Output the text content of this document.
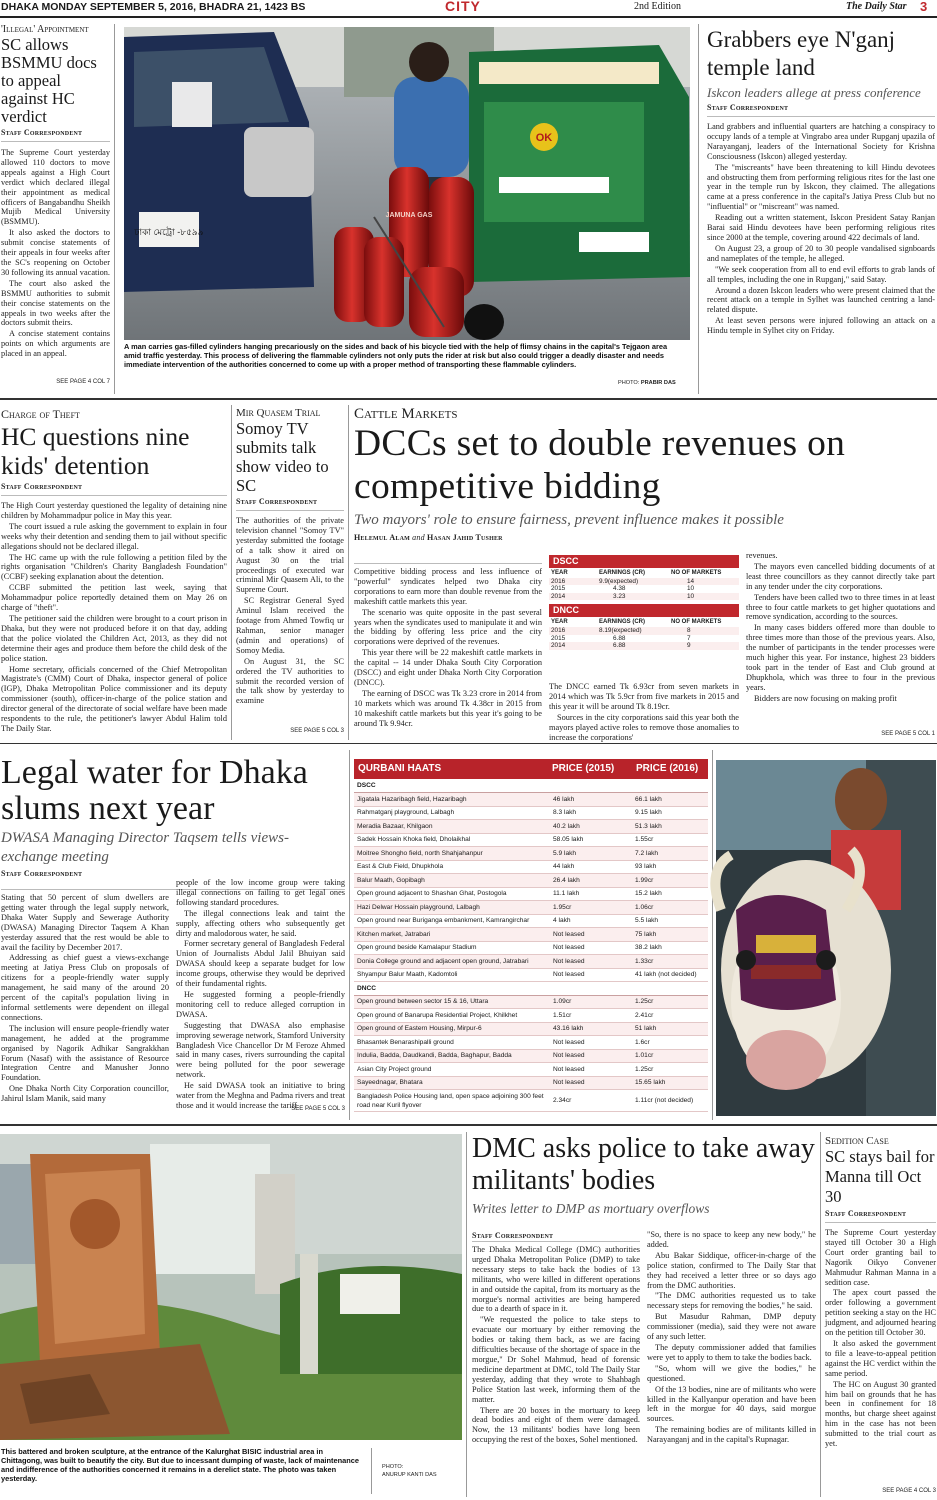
DHAKA MONDAY SEPTEMBER 5, 2016, BHADRA 21, 1423 BS	CITY	2nd Edition	The Daily Star 3
'Illegal' Appointment
SC allows BSMMU docs to appeal against HC verdict
Staff Correspondent

The Supreme Court yesterday allowed 110 doctors to move appeals against a High Court verdict which declared illegal their appointment as medical officers of Bangabandhu Sheikh Mujib Medical University (BSMMU).

It also asked the doctors to submit concise statements of their appeals in four weeks after the SC's reopening on October 30 following its annual vacation.

The court also asked the BSMMU authorities to submit their concise statements on the appeals in two weeks after the doctors submit theirs.

A concise statement contains points on which arguments are placed in an appeal.

SEE PAGE 4 COL 7
ঢাকা মেট্রো -৮৫৯৯
OK
JAMUNA GAS
A man carries gas-filled cylinders hanging precariously on the sides and back of his bicycle tied with the help of flimsy chains in the capital's Tejgaon area amid traffic yesterday. This process of delivering the flammable cylinders not only puts the rider at risk but also could trigger a deadly disaster and needs immediate intervention of the authorities concerned to come up with a proper method of transporting these flammable cylinders.
PHOTO: PRABIR DAS
Grabbers eye N'ganj temple land
Iskcon leaders allege at press conference
Staff Correspondent

Land grabbers and influential quarters are hatching a conspiracy to occupy lands of a temple at Vingrabo area under Rupganj upazila of Narayanganj, leaders of the International Society for Krishna Consciousness (Iskcon) alleged yesterday.

The "miscreants" have been threatening to kill Hindu devotees and obstructing them from performing religious rites for the last one year in the temple run by Iskcon, they claimed. The allegations came at a press conference in the capital's Jatiya Press Club but no "influential" or "miscreant" was named.

Reading out a written statement, Iskcon President Satay Ranjan Barai said Hindu devotees have been performing religious rites since 2000 at the temple, covering around 422 decimals of land.

On August 23, a group of 20 to 30 people vandalised signboards and nameplates of the temple, he alleged.

"We seek cooperation from all to end evil efforts to grab lands of all temples, including the one in Rupganj," said Satay.

Around a dozen Iskcon leaders who were present claimed that the recent attack on a temple in Sylhet was launched centring a land-related dispute.

At least seven persons were injured following an attack on a Hindu temple in Sylhet city on Friday.

Charge of Theft
HC questions nine kids' detention
Staff Correspondent

The High Court yesterday questioned the legality of detaining nine children by Mohammadpur police in May this year.

The court issued a rule asking the government to explain in four weeks why their detention and sending them to jail without specific allegations should not be declared illegal.

The HC came up with the rule following a petition filed by the rights organisation "Children's Charity Bangladesh Foundation" (CCBF) seeking explanation about the detention.

CCBF submitted the petition last week, saying that Mohammadpur police reportedly detained them on May 26 on charge of "theft".

The petitioner said the children were brought to a court prison in Dhaka, but they were not produced before it on that day, adding that the police violated the Children Act, 2013, as they did not determine their ages and produce them before the child desk of the police station.

Home secretary, officials concerned of the Chief Metropolitan Magistrate's (CMM) Court of Dhaka, inspector general of police (IGP), Dhaka Metropolitan Police commissioner and its deputy commissioner (south), officer-in-charge of the police station and director general of the directorate of social welfare have been made respondents to the rule, the petitioner's lawyer Abdul Halim told The Daily Star.

Mir Quasem Trial
Somoy TV submits talk show video to SC
Staff Correspondent

The authorities of the private television channel "Somoy TV" yesterday submitted the footage of a talk show it aired on August 30 on the trial proceedings of executed war criminal Mir Quasem Ali, to the Supreme Court.

SC Registrar General Syed Aminul Islam received the footage from Ahmed Towfiq ur Rahman, senior manager (admin and operations) of Somoy Media.

On August 31, the SC ordered the TV authorities to submit the recorded version of the talk show by yesterday to examine

SEE PAGE 5 COL 3
Cattle Markets
DCCs set to double revenues on competitive bidding
Two mayors' role to ensure fairness, prevent influence makes it possible
Helemul Alam and Hasan Jahid Tusher

Competitive bidding process and less influence of "powerful" syndicates helped two Dhaka city corporations to earn more than double revenue from the makeshift cattle markets this year.

The scenario was quite opposite in the past several years when the syndicates used to manipulate it and win the bidding by offering less price and the city corporations were deprived of the revenues.

This year there will be 22 makeshift cattle markets in the capital -- 14 under Dhaka South City Corporation (DSCC) and eight under Dhaka North City Corporation (DNCC).

The earning of DSCC was Tk 3.23 crore in 2014 from 10 markets which was around Tk 4.38cr in 2015 from 10 makeshift cattle markets but this year it's going to be around Tk 9.94cr.

DSCC
YEAR	EARNINGS (CR)	NO OF MARKETS
2016	9.9(expected)	14
2015	4.38	10
2014	3.23	10
DNCC
YEAR	EARNINGS (CR)	NO OF MARKETS
2016	8.19(expected)	8
2015	6.88	7
2014	6.88	9

The DNCC earned Tk 6.93cr from seven markets in 2014 which was Tk 5.9cr from five markets in 2015 and this year it will be around Tk 8.19cr.

Sources in the city corporations said this year both the mayors played active roles to remove those anomalies to increase the corporations'

revenues.

The mayors even cancelled bidding documents of at least three councillors as they cannot directly take part in any tender under the city corporations.

Tenders have been called two to three times in at least three to four cattle markets to get higher quotations and remove syndication, according to the sources.

In many cases bidders offered more than double to three times more than those of the previous years. Also, the number of participants in the tender processes were much higher this year. For instance, highest 23 bidders took part in the tender of East and Club ground at Dhupkhola, which was three to four in the previous years.

Bidders are now focusing on making profit

SEE PAGE 5 COL 1
Legal water for Dhaka slums next year
DWASA Managing Director Taqsem tells views-exchange meeting
Staff Correspondent

Stating that 50 percent of slum dwellers are getting water through the legal supply network, Dhaka Water Supply and Sewerage Authority (DWASA) Managing Director Taqsem A Khan yesterday assured that the rest would be able to avail the facility by December 2017.

Addressing as chief guest a views-exchange meeting at Jatiya Press Club on proposals of citizens for a people-friendly water supply management, he said many of the around 20 percent of the capital's population living in informal settlements were dependent on illegal connections.

The inclusion will ensure people-friendly water management, he added at the programme organised by Nagorik Adhikar Sangrakkhan Forum (Nasaf) with the assistance of Resource Integration Centre and Manusher Jonno Foundation.

One Dhaka North City Corporation councillor, Jahirul Islam Manik, said many

people of the low income group were taking illegal connections on failing to get legal ones following standard procedures.

The illegal connections leak and taint the supply, affecting others who subsequently get dirty and malodorous water, he said.

Former secretary general of Bangladesh Federal Union of Journalists Abdul Jalil Bhuiyan said DWASA should keep a separate budget for low income groups, otherwise they would be deprived of their fundamental rights.

He suggested forming a people-friendly monitoring cell to reduce alleged corruption in DWASA.

Suggesting that DWASA also emphasise improving sewerage network, Stamford University Bangladesh Vice Chancellor Dr M Feroze Ahmed said in many cases, rivers surrounding the capital were being polluted for the poor sewerage network.

He said DWASA took an initiative to bring water from the Meghna and Padma rivers and treat those and it would increase the tariff.

SEE PAGE 5 COL 3
QURBANI HAATS	PRICE (2015) PRICE (2016)
DSCC		
Jigatala Hazaribagh field, Hazaribagh	46 lakh	66.1 lakh
Rahmatganj playground, Lalbagh	8.3 lakh	9.15 lakh
Meradia Bazaar, Khilgaon	40.2 lakh	51.3 lakh
Sadek Hossain Khoka field, Dholaikhal	58.05 lakh	1.55cr
Moitree Shongho field, north Shahjahanpur	5.9 lakh	7.2 lakh
East & Club Field, Dhupkhola	44 lakh	93 lakh
Balur Maath, Gopibagh	26.4 lakh	1.99cr
Open ground adjacent to Shashan Ghat, Postogola	11.1 lakh	15.2 lakh
Hazi Delwar Hossain playground, Lalbagh	1.95cr	1.06cr
Open ground near Buriganga embankment, Kamrangirchar	4 lakh	5.5 lakh
Kitchen market, Jatrabari	Not leased	75 lakh
Open ground beside Kamalapur Stadium	Not leased	38.2 lakh
Donia College ground and adjacent open ground, Jatrabari	Not leased	1.33cr
Shyampur Balur Maath, Kadomtoli	Not leased	41 lakh (not decided)
DNCC		
Open ground between sector 15 & 16, Uttara	1.09cr	1.25cr
Open ground of Banarupa Residential Project, Khilkhet	1.51cr	2.41cr
Open ground of Eastern Housing, Mirpur-6	43.16 lakh	51 lakh
Bhasantek Benarashipalli ground	Not leased	1.6cr
Indulia, Badda, Daudkandi, Badda, Baghapur, Badda	Not leased	1.01cr
Asian City Project ground	Not leased	1.25cr
Sayeednagar, Bhatara	Not leased	15.65 lakh
Bangladesh Police Housing land, open space adjoining 300 feet road near Kuril flyover	2.34cr	1.11cr (not decided)
This battered and broken sculpture, at the entrance of the Kalurghat BISIC industrial area in Chittagong, was built to beautify the city. But due to incessant dumping of waste, lack of maintenance and indifference of the authorities concerned it remains in a derelict state. The photo was taken yesterday.
PHOTO:
ANURUP KANTI DAS
DMC asks police to take away militants' bodies
Writes letter to DMP as mortuary overflows
Staff Correspondent

The Dhaka Medical College (DMC) authorities urged Dhaka Metropolitan Police (DMP) to take necessary steps to take back the bodies of 13 militants, who were killed in different operations in and outside the capital, from its mortuary as the morgue's normal activities are being hampered due to a dearth of space in it.

"We requested the police to take steps to evacuate our mortuary by either removing the bodies or taking them back, as we are facing difficulties because of the shortage of space in the morgue," Dr Sohel Mahmud, head of forensic medicine department at DMC, told The Daily Star yesterday, adding that they wrote to Shahbagh Police Station last week, informing them of the matter.

There are 20 boxes in the mortuary to keep dead bodies and eight of them were damaged. Now, the 13 militants' bodies have long been occupying the rest of the boxes, Sohel mentioned.

"So, there is no space to keep any new body," he added.

Abu Bakar Siddique, officer-in-charge of the police station, confirmed to The Daily Star that they had received a letter three or so days ago from the DMC authorities.

"The DMC authorities requested us to take necessary steps for removing the bodies," he said.

But Masudur Rahman, DMP deputy commissioner (media), said they were not aware of any such letter.

The deputy commissioner added that families were yet to apply to them to take the bodies back.

"So, whom will we give the bodies," he questioned.

Of the 13 bodies, nine are of militants who were killed in the Kallyanpur operation and have been left in the morgue for 40 days, said morgue sources.

The remaining bodies are of militants killed in Narayanganj and in the capital's Rupnagar.

Sedition Case
SC stays bail for Manna till Oct 30
Staff Correspondent

The Supreme Court yesterday stayed till October 30 a High Court order granting bail to Nagorik Oikyo Convener Mahmudur Rahman Manna in a sedition case.

The apex court passed the order following a government petition seeking a stay on the HC judgment, and adjourned hearing on the petition till October 30.

It also asked the government to file a leave-to-appeal petition against the HC verdict within the same period.

The HC on August 30 granted him bail on grounds that he has been in confinement for 18 months, but charge sheet against him in the case has not been submitted to the trial court as yet.

SEE PAGE 4 COL 3
